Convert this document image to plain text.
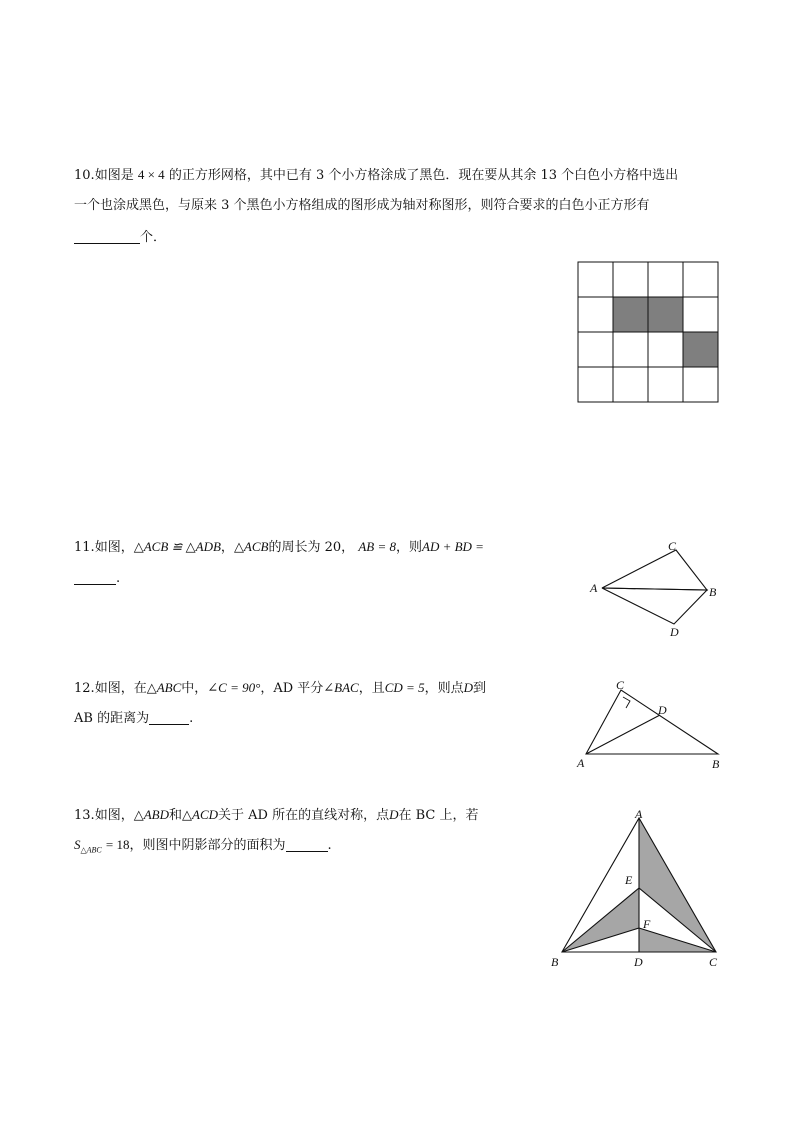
10.如图是 4 × 4 的正方形网格，其中已有 3 个小方格涂成了黑色．现在要从其余 13 个白色小方格中选出
一个也涂成黑色，与原来 3 个黑色小方格组成的图形成为轴对称图形，则符合要求的白色小正方形有
个．
11.如图，△ACB ≌ △ADB，△ACB的周长为 20， AB = 8，则AD + BD =
.
A	B
C
D
12.如图，在△ABC中，∠C = 90°，AD 平分∠BAC，且CD = 5，则点D到
AB 的距离为	.
A	B
C
D
13.如图，△ABD和△ACD关于 AD 所在的直线对称，点D在 BC 上，若
$S_{\triangle ABC} = 18$，则图中阴影部分的面积为	.
A
B	C
D
E
F
